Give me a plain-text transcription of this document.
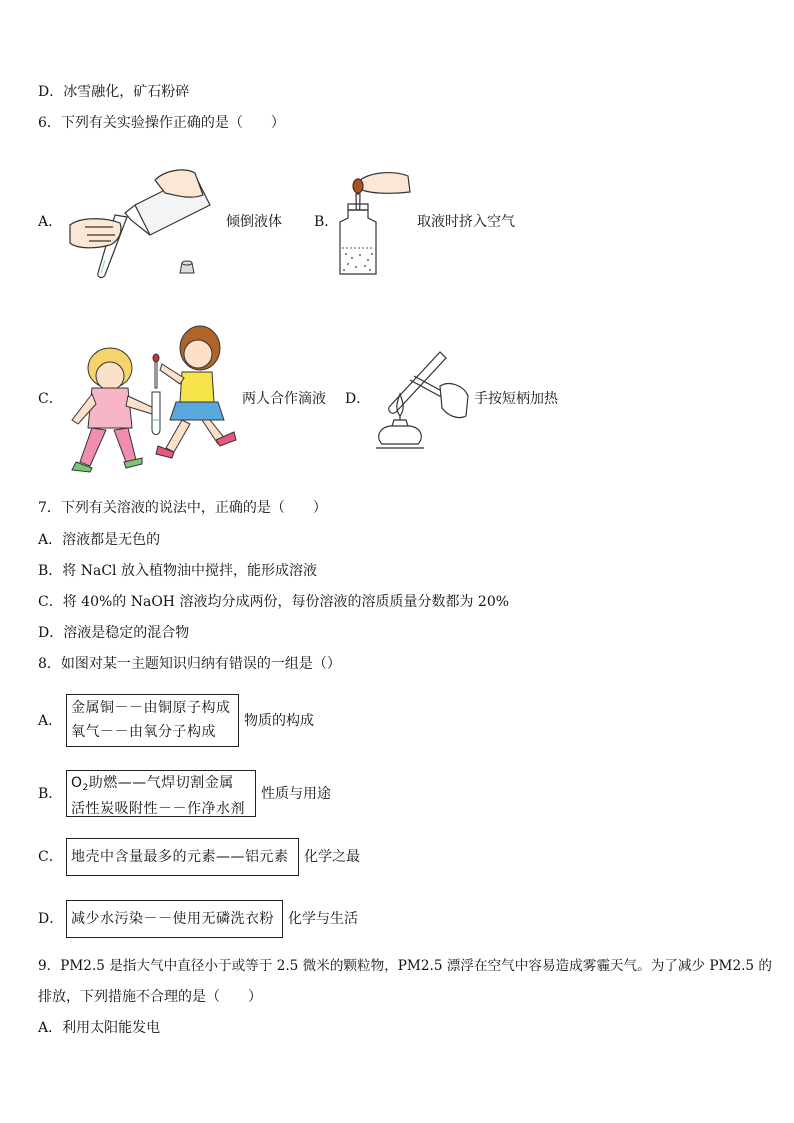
D．冰雪融化，矿石粉碎
6．下列有关实验操作正确的是（　　）
A．	倾倒液体 B．	取液时挤入空气
C．	两人合作滴液 D．	手按短柄加热
7．下列有关溶液的说法中，正确的是（　　）
A．溶液都是无色的
B．将 NaCl 放入植物油中搅拌，能形成溶液
C．将 40%的 NaOH 溶液均分成两份，每份溶液的溶质质量分数都为 20%
D．溶液是稳定的混合物
8．如图对某一主题知识归纳有错误的一组是（）
A．
金属铜－－由铜原子构成
氧气－－由氧分子构成
物质的构成
B．
$O_2$助燃——气焊切割金属
活性炭吸附性－－作净水剂
性质与用途
C． 地壳中含量最多的元素——铝元素	化学之最
D． 减少水污染－－使用无磷洗衣粉	化学与生活
9．PM2.5 是指大气中直径小于或等于 2.5 微米的颗粒物，PM2.5 漂浮在空气中容易造成雾霾天气。为了减少 PM2.5 的
排放，下列措施不合理的是（　　）
A．利用太阳能发电
